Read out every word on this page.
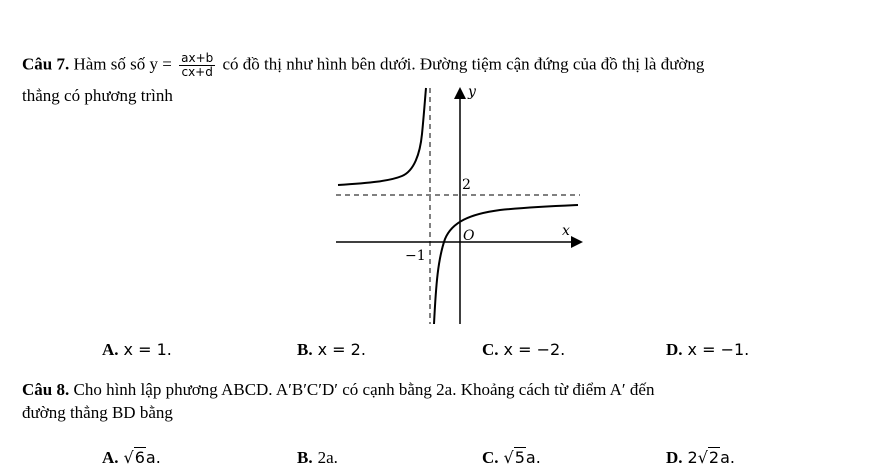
Câu 7. Hàm số số $y = \frac{ax+b}{cx+d}$ có đồ thị như hình bên dưới. Đường tiệm cận đứng của đồ thị là đường
thẳng có phương trình	y
x
O
−1
2
A. x = 1.	B. x = 2.	C. x = −2.	D. x = −1.
Câu 8. Cho hình lập phương ABCD. A′B′C′D′ có cạnh bằng 2a. Khoảng cách từ điểm A′ đến
đường thẳng BD bằng
A. √6a.	B. 2a.	C. √5a.	D. 2√2a.
